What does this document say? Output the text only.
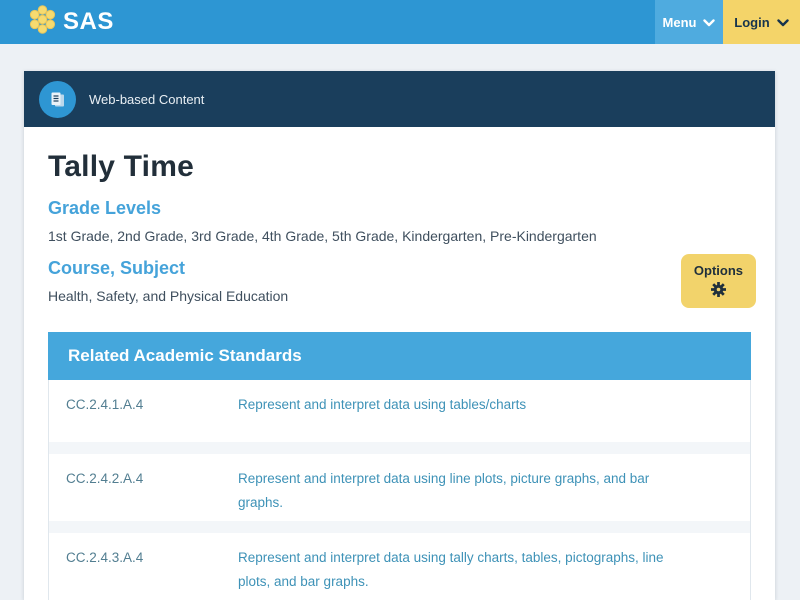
SAS	Menu	Login
Web-based Content
Tally Time
Grade Levels

1st Grade, 2nd Grade, 3rd Grade, 4th Grade, 5th Grade, Kindergarten, Pre-Kindergarten

Course, Subject

Health, Safety, and Physical Education

Options
Related Academic Standards
CC.2.4.1.A.4	Represent and interpret data using tables/charts
CC.2.4.2.A.4	Represent and interpret data using line plots, picture graphs, and bar graphs.
CC.2.4.3.A.4	Represent and interpret data using tally charts, tables, pictographs, line plots, and bar graphs.
